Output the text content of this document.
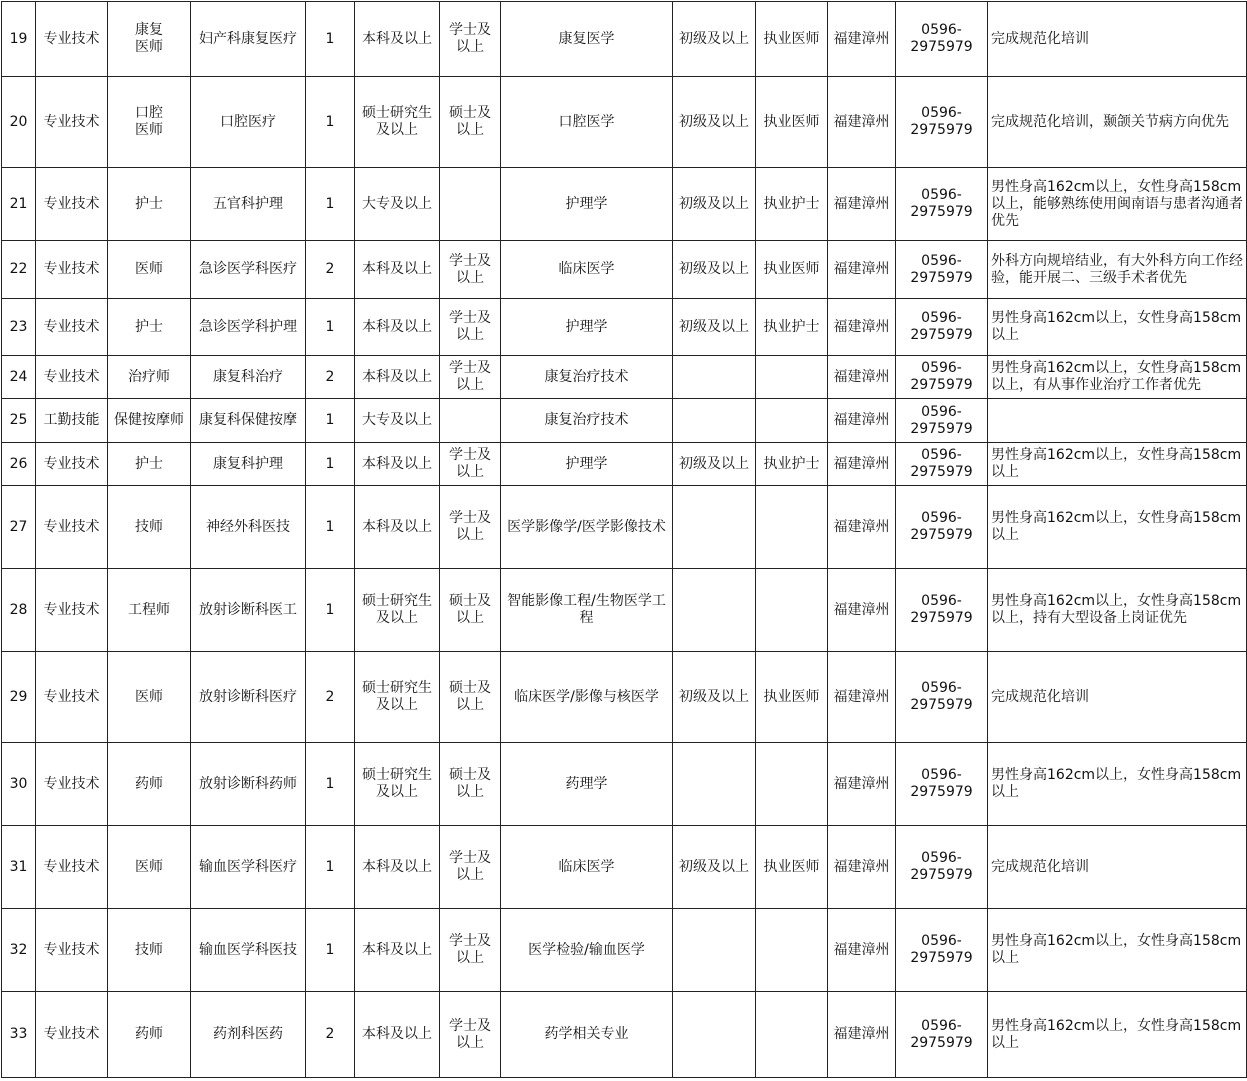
19	专业技术	康复
医师	妇产科康复医疗	1	本科及以上	学士及
以上	康复医学	初级及以上	执业医师	福建漳州	0596-
2975979	完成规范化培训
20	专业技术	口腔
医师	口腔医疗	1	硕士研究生
及以上	硕士及
以上	口腔医学	初级及以上	执业医师	福建漳州	0596-
2975979	完成规范化培训，颞颌关节病方向优先
21	专业技术	护士	五官科护理	1	大专及以上		护理学	初级及以上	执业护士	福建漳州	0596-
2975979	男性身高162cm以上，女性身高158cm以上，能够熟练使用闽南语与患者沟通者优先
22	专业技术	医师	急诊医学科医疗	2	本科及以上	学士及
以上	临床医学	初级及以上	执业医师	福建漳州	0596-
2975979	外科方向规培结业，有大外科方向工作经验，能开展二、三级手术者优先
23	专业技术	护士	急诊医学科护理	1	本科及以上	学士及
以上	护理学	初级及以上	执业护士	福建漳州	0596-
2975979	男性身高162cm以上，女性身高158cm以上
24	专业技术	治疗师	康复科治疗	2	本科及以上	学士及
以上	康复治疗技术			福建漳州	0596-
2975979	男性身高162cm以上，女性身高158cm以上，有从事作业治疗工作者优先
25	工勤技能	保健按摩师	康复科保健按摩	1	大专及以上		康复治疗技术			福建漳州	0596-
2975979	
26	专业技术	护士	康复科护理	1	本科及以上	学士及
以上	护理学	初级及以上	执业护士	福建漳州	0596-
2975979	男性身高162cm以上，女性身高158cm以上
27	专业技术	技师	神经外科医技	1	本科及以上	学士及
以上	医学影像学/医学影像技术			福建漳州	0596-
2975979	男性身高162cm以上，女性身高158cm以上
28	专业技术	工程师	放射诊断科医工	1	硕士研究生
及以上	硕士及
以上	智能影像工程/生物医学工程			福建漳州	0596-
2975979	男性身高162cm以上，女性身高158cm以上，持有大型设备上岗证优先
29	专业技术	医师	放射诊断科医疗	2	硕士研究生
及以上	硕士及
以上	临床医学/影像与核医学	初级及以上	执业医师	福建漳州	0596-
2975979	完成规范化培训
30	专业技术	药师	放射诊断科药师	1	硕士研究生
及以上	硕士及
以上	药理学			福建漳州	0596-
2975979	男性身高162cm以上，女性身高158cm以上
31	专业技术	医师	输血医学科医疗	1	本科及以上	学士及
以上	临床医学	初级及以上	执业医师	福建漳州	0596-
2975979	完成规范化培训
32	专业技术	技师	输血医学科医技	1	本科及以上	学士及
以上	医学检验/输血医学			福建漳州	0596-
2975979	男性身高162cm以上，女性身高158cm以上
33	专业技术	药师	药剂科医药	2	本科及以上	学士及
以上	药学相关专业			福建漳州	0596-
2975979	男性身高162cm以上，女性身高158cm以上
